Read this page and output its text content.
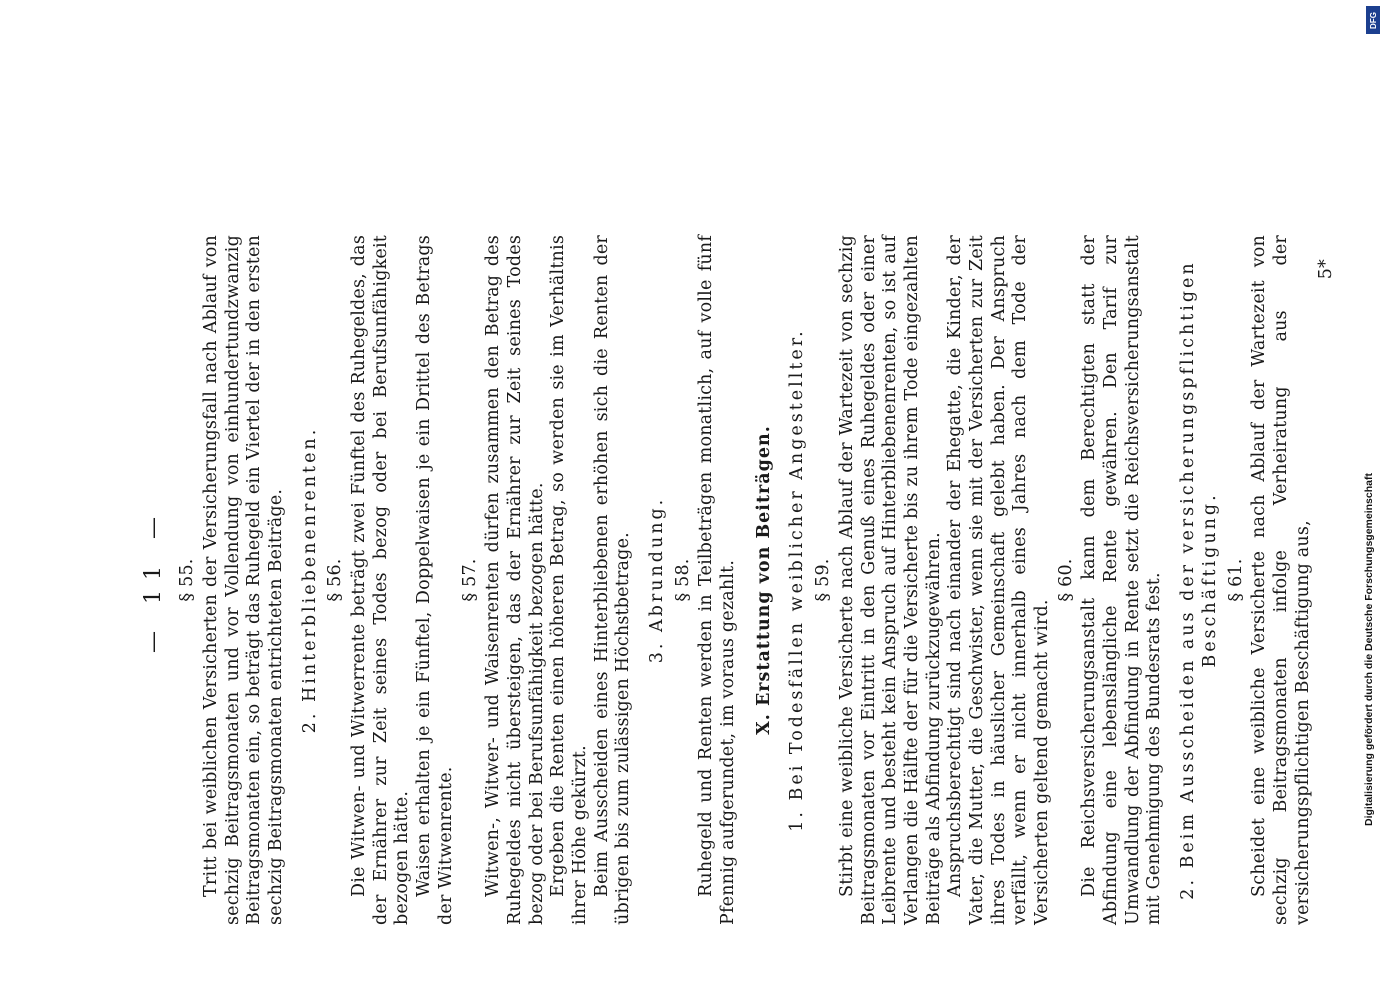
— 11 — § 55. Tritt bei weiblichen Versicherten der Versicherungsfall nach Ablauf von sechzig Beitragsmonaten und vor Vollendung von einhundertundzwanzig Beitragsmonaten ein, so beträgt das Ruhegeld ein Viertel der in den ersten sechzig Beitragsmonaten entrichteten Beiträge. 2. Hinterbliebenenrenten. § 56. Die Witwen- und Witwerrente beträgt zwei Fünftel des Ruhegeldes, das der Ernährer zur Zeit seines Todes bezog oder bei Berufsunfähigkeit bezogen hätte. Waisen erhalten je ein Fünftel, Doppelwaisen je ein Drittel des Betrags der Witwenrente.

§ 57. Witwen-, Witwer- und Waisenrenten dürfen zusammen den Betrag des Ruhegeldes nicht übersteigen, das der Ernährer zur Zeit seines Todes bezog oder bei Berufsunfähigkeit bezogen hätte. Ergeben die Renten einen höheren Betrag, so werden sie im Verhältnis ihrer Höhe gekürzt. Beim Ausscheiden eines Hinterbliebenen erhöhen sich die Renten der übrigen bis zum zulässigen Höchstbetrage. 3. Abrundung. § 58. Ruhegeld und Renten werden in Teilbeträgen monatlich, auf volle fünf Pfennig aufgerundet, im voraus gezahlt. X. Erstattung von Beiträgen. 1. Bei Todesfällen weiblicher Angestellter. § 59. Stirbt eine weibliche Versicherte nach Ablauf der Wartezeit von sechzig Beitragsmonaten vor Eintritt in den Genuß eines Ruhegeldes oder einer Leibrente und besteht kein Anspruch auf Hinterbliebenenrenten, so ist auf Verlangen die Hälfte der für die Versicherte bis zu ihrem Tode eingezahlten Beiträge als Abfindung zurückzugewähren. Anspruchsberechtigt sind nach einander der Ehegatte, die Kinder, der Vater, die Mutter, die Geschwister, wenn sie mit der Versicherten zur Zeit ihres Todes in häuslicher Gemeinschaft gelebt haben. Der Anspruch verfällt, wenn er nicht innerhalb eines Jahres nach dem Tode der Versicherten geltend gemacht wird.

§ 60. Die Reichsversicherungsanstalt kann dem Berechtigten statt der Abfindung eine lebenslängliche Rente gewähren. Den Tarif zur Umwandlung der Abfindung in Rente setzt die Reichsversicherungsanstalt mit Genehmigung des Bundesrats fest. 2. Beim Ausscheiden aus der versicherungspflichtigen Beschäftigung. § 61. Scheidet eine weibliche Versicherte nach Ablauf der Wartezeit von sechzig Beitragsmonaten infolge Verheiratung aus der versicherungspflichtigen Beschäftigung aus,

5*
Digitalisierung gefördert durch die Deutsche Forschungsgemeinschaft
DFG
